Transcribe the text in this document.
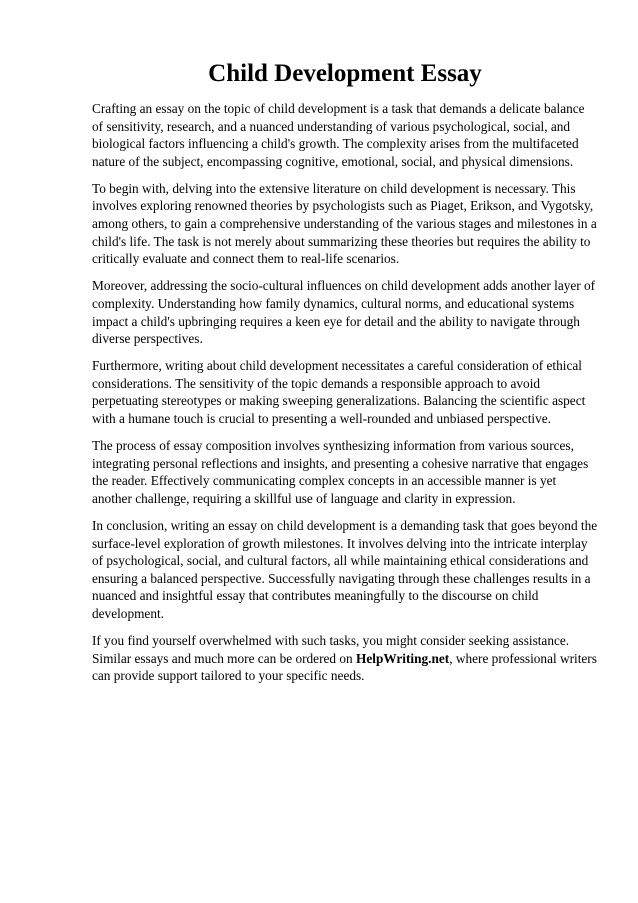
Child Development Essay

Crafting an essay on the topic of child development is a task that demands a delicate balance of sensitivity, research, and a nuanced understanding of various psychological, social, and biological factors influencing a child's growth. The complexity arises from the multifaceted nature of the subject, encompassing cognitive, emotional, social, and physical dimensions.

To begin with, delving into the extensive literature on child development is necessary. This involves exploring renowned theories by psychologists such as Piaget, Erikson, and Vygotsky, among others, to gain a comprehensive understanding of the various stages and milestones in a child's life. The task is not merely about summarizing these theories but requires the ability to critically evaluate and connect them to real-life scenarios.

Moreover, addressing the socio-cultural influences on child development adds another layer of complexity. Understanding how family dynamics, cultural norms, and educational systems impact a child's upbringing requires a keen eye for detail and the ability to navigate through diverse perspectives.

Furthermore, writing about child development necessitates a careful consideration of ethical considerations. The sensitivity of the topic demands a responsible approach to avoid perpetuating stereotypes or making sweeping generalizations. Balancing the scientific aspect with a humane touch is crucial to presenting a well-rounded and unbiased perspective.

The process of essay composition involves synthesizing information from various sources, integrating personal reflections and insights, and presenting a cohesive narrative that engages the reader. Effectively communicating complex concepts in an accessible manner is yet another challenge, requiring a skillful use of language and clarity in expression.

In conclusion, writing an essay on child development is a demanding task that goes beyond the surface-level exploration of growth milestones. It involves delving into the intricate interplay of psychological, social, and cultural factors, all while maintaining ethical considerations and ensuring a balanced perspective. Successfully navigating through these challenges results in a nuanced and insightful essay that contributes meaningfully to the discourse on child development.

If you find yourself overwhelmed with such tasks, you might consider seeking assistance. Similar essays and much more can be ordered on HelpWriting.net, where professional writers can provide support tailored to your specific needs.
